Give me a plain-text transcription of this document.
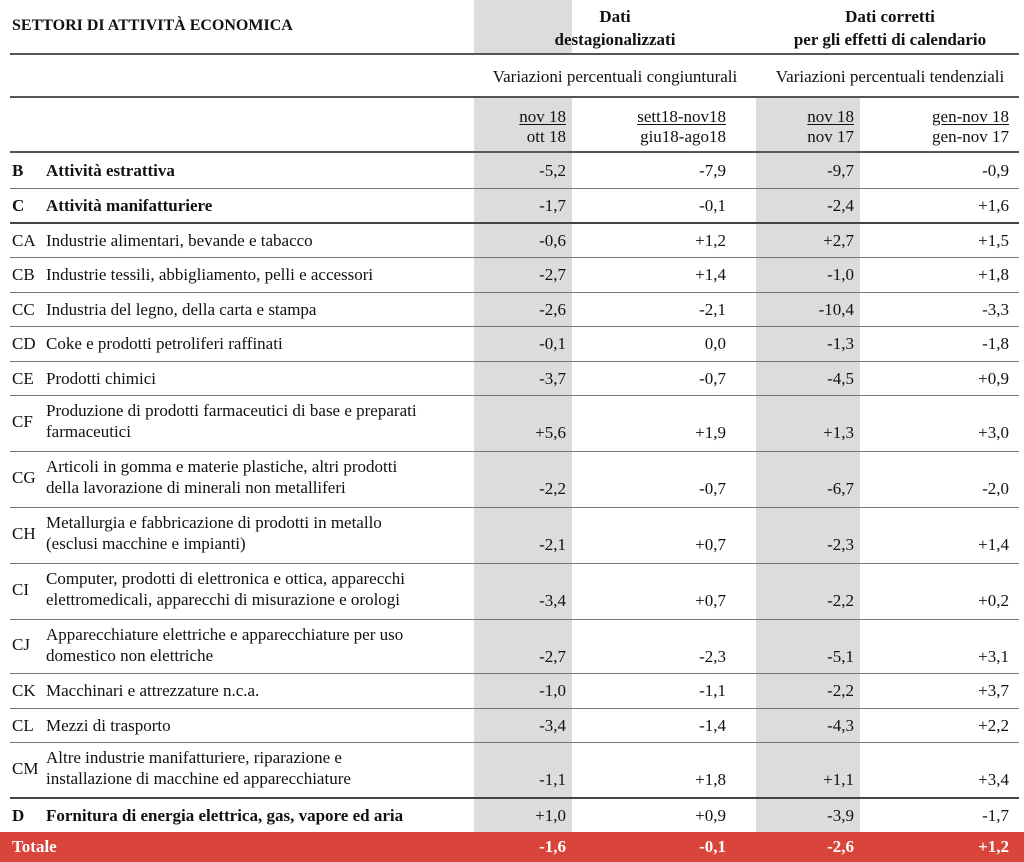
SETTORI DI ATTIVITÀ ECONOMICA	Dati
destagionalizzati
Dati corretti
per gli effetti di calendario
Variazioni percentuali congiunturali	Variazioni percentuali tendenziali
nov 18
ott 18
sett18-nov18
giu18-ago18
nov 18
nov 17
gen-nov 18
gen-nov 17
B Attività estrattiva	-5,2	-7,9	-9,7	-0,9
C Attività manifatturiere	-1,7	-0,1	-2,4	+1,6
CA Industrie alimentari, bevande e tabacco	-0,6	+1,2	+2,7	+1,5
CB Industrie tessili, abbigliamento, pelli e accessori	-2,7	+1,4	-1,0	+1,8
CC Industria del legno, della carta e stampa	-2,6	-2,1	-10,4	-3,3
CD Coke e prodotti petroliferi raffinati	-0,1	0,0	-1,3	-1,8
CE Prodotti chimici	-3,7	-0,7	-4,5	+0,9
CF
Produzione di prodotti farmaceutici di base e preparati
farmaceutici	+5,6	+1,9	+1,3	+3,0
CG
Articoli in gomma e materie plastiche, altri prodotti
della lavorazione di minerali non metalliferi	-2,2	-0,7	-6,7	-2,0
CH
Metallurgia e fabbricazione di prodotti in metallo
(esclusi macchine e impianti)	-2,1	+0,7	-2,3	+1,4
CI
Computer, prodotti di elettronica e ottica, apparecchi
elettromedicali, apparecchi di misurazione e orologi	-3,4	+0,7	-2,2	+0,2
CJ
Apparecchiature elettriche e apparecchiature per uso
domestico non elettriche	-2,7	-2,3	-5,1	+3,1
CK Macchinari e attrezzature n.c.a.	-1,0	-1,1	-2,2	+3,7
CL Mezzi di trasporto	-3,4	-1,4	-4,3	+2,2
CM
Altre industrie manifatturiere, riparazione e
installazione di macchine ed apparecchiature	-1,1	+1,8	+1,1	+3,4
D Fornitura di energia elettrica, gas, vapore ed aria	+1,0	+0,9	-3,9	-1,7
Totale	-1,6	-0,1	-2,6	+1,2
